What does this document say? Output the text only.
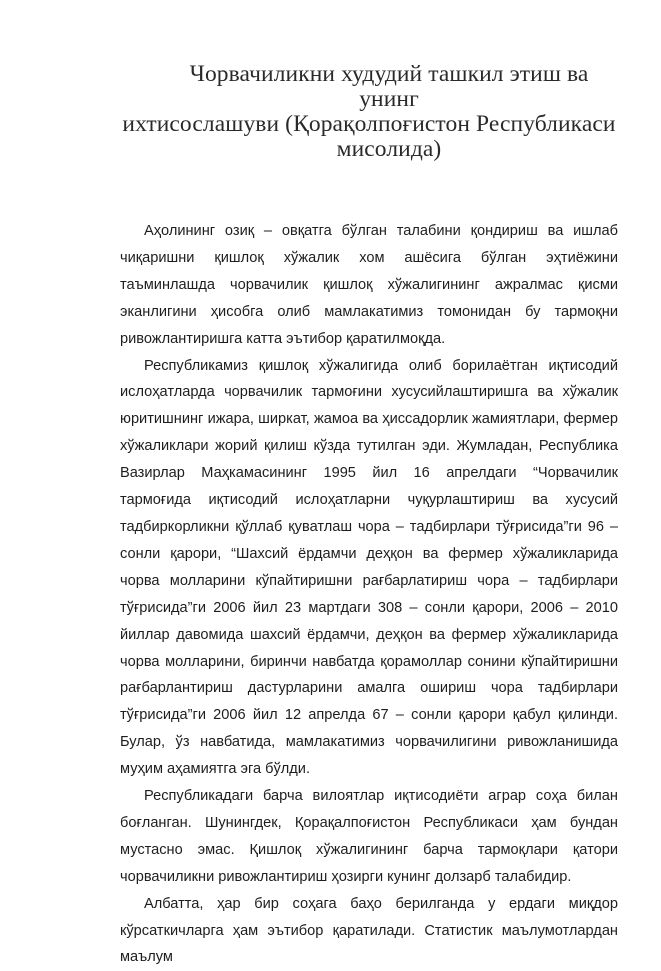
Чорвачиликни худудий ташкил этиш ва унинг
ихтисослашуви (Қорақолпоғистон Республикаси
мисолида)

Аҳолининг озиқ – овқатга бўлган талабини қондириш ва ишлаб чиқаришни қишлоқ хўжалик хом ашёсига бўлган эҳтиёжини таъминлашда чорвачилик қишлоқ хўжалигининг ажралмас қисми эканлигини ҳисобга олиб мамлакатимиз томонидан бу тармоқни ривожлантиришга катта эътибор қаратилмоқда.

Республикамиз қишлоқ хўжалигида олиб борилаётган иқтисодий ислоҳатларда чорвачилик тармоғини хусусийлаштиришга ва хўжалик юритишнинг ижара, ширкат, жамоа ва ҳиссадорлик жамиятлари, фермер хўжаликлари жорий қилиш кўзда тутилган эди. Жумладан, Республика Вазирлар Маҳкамасининг 1995 йил 16 апрелдаги “Чорвачилик тармоғида иқтисодий ислоҳатларни чуқурлаштириш ва хусусий тадбиркорликни қўллаб қуватлаш чора – тадбирлари тўғрисида”ги 96 – сонли қарори, “Шахсий ёрдамчи деҳқон ва фермер хўжаликларида чорва молларини кўпайтиришни рағбарлатириш чора – тадбирлари тўғрисида”ги 2006 йил 23 мартдаги 308 – сонли қарори, 2006 – 2010 йиллар давомида шахсий ёрдамчи, деҳқон ва фермер хўжаликларида чорва молларини, биринчи навбатда қорамоллар сонини кўпайтиришни рағбарлантириш дастурларини амалга ошириш чора тадбирлари тўғрисида”ги 2006 йил 12 апрелда 67 – сонли қарори қабул қилинди. Булар, ўз навбатида, мамлакатимиз чорвачилигини ривожланишида муҳим аҳамиятга эга бўлди.

Республикадаги барча вилоятлар иқтисодиёти аграр соҳа билан боғланган. Шунингдек, Қорақалпоғистон Республикаси ҳам бундан мустасно эмас. Қишлоқ хўжалигининг барча тармоқлари қатори чорвачиликни ривожлантириш ҳозирги кунинг долзарб талабидир.

Албатта, ҳар бир соҳага баҳо берилганда у ердаги миқдор кўрсаткичларга ҳам эътибор қаратилади. Статистик маълумотлардан маълум
